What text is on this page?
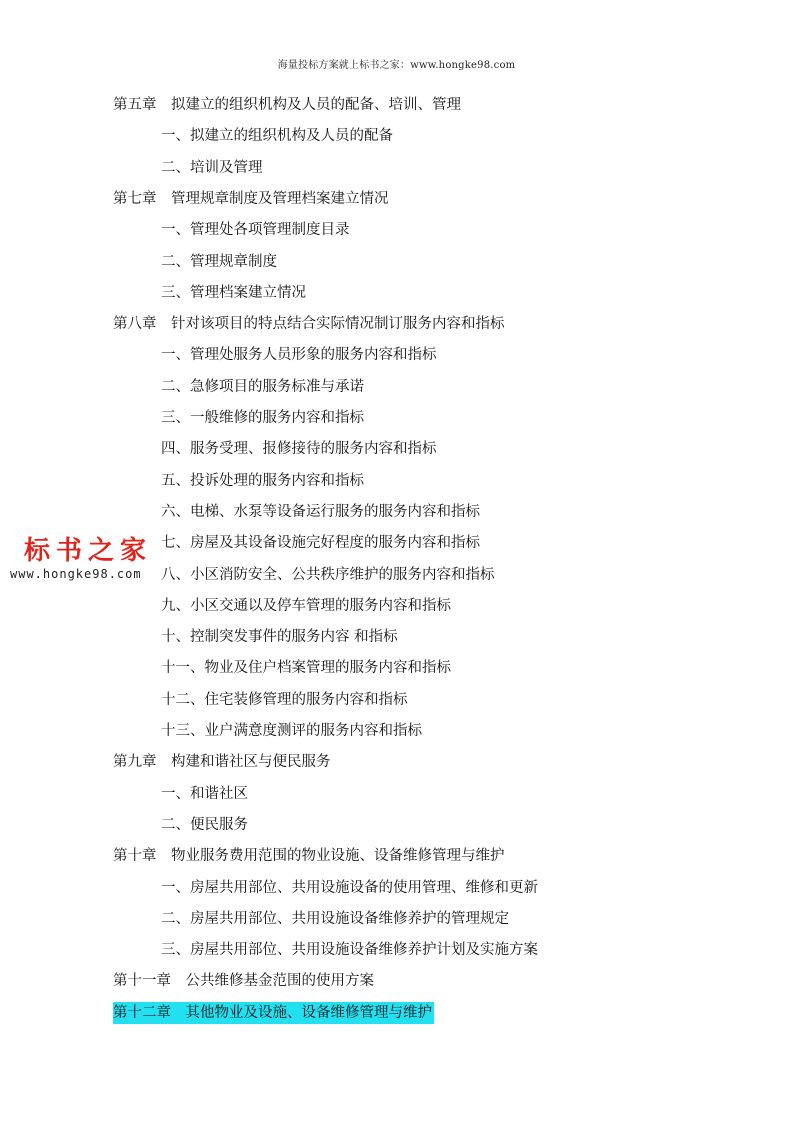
海量投标方案就上标书之家：www.hongke98.com
标书之家
www.hongke98.com
第五章　拟建立的组织机构及人员的配备、培训、管理
一、拟建立的组织机构及人员的配备
二、培训及管理
第七章　管理规章制度及管理档案建立情况
一、管理处各项管理制度目录
二、管理规章制度
三、管理档案建立情况
第八章　针对该项目的特点结合实际情况制订服务内容和指标
一、管理处服务人员形象的服务内容和指标
二、急修项目的服务标准与承诺
三、一般维修的服务内容和指标
四、服务受理、报修接待的服务内容和指标
五、投诉处理的服务内容和指标
六、电梯、水泵等设备运行服务的服务内容和指标
七、房屋及其设备设施完好程度的服务内容和指标
八、小区消防安全、公共秩序维护的服务内容和指标
九、小区交通以及停车管理的服务内容和指标
十、控制突发事件的服务内容 和指标
十一、物业及住户档案管理的服务内容和指标
十二、住宅装修管理的服务内容和指标
十三、业户满意度测评的服务内容和指标
第九章　构建和谐社区与便民服务
一、和谐社区
二、便民服务
第十章　物业服务费用范围的物业设施、设备维修管理与维护
一、房屋共用部位、共用设施设备的使用管理、维修和更新
二、房屋共用部位、共用设施设备维修养护的管理规定
三、房屋共用部位、共用设施设备维修养护计划及实施方案
第十一章　公共维修基金范围的使用方案
第十二章　其他物业及设施、设备维修管理与维护
